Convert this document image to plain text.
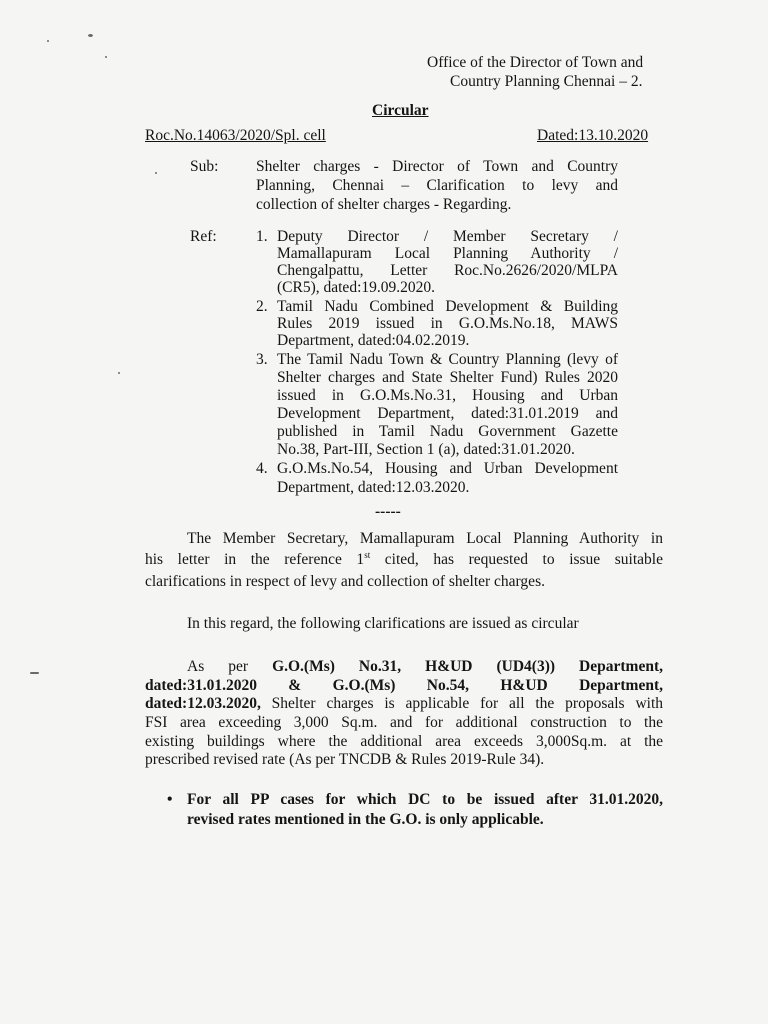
Office of the Director of Town and
Country Planning Chennai – 2.
Circular
Roc.No.14063/2020/Spl. cell	Dated:13.10.2020
Sub: Shelter charges - Director of Town and Country
Planning, Chennai – Clarification to levy and
collection of shelter charges - Regarding.
Ref:	1. Deputy Director / Member Secretary /
Mamallapuram Local Planning Authority /
Chengalpattu, Letter Roc.No.2626/2020/MLPA
(CR5), dated:19.09.2020.
2. Tamil Nadu Combined Development & Building
Rules 2019 issued in G.O.Ms.No.18, MAWS
Department, dated:04.02.2019.
3. The Tamil Nadu Town & Country Planning (levy of
Shelter charges and State Shelter Fund) Rules 2020
issued in G.O.Ms.No.31, Housing and Urban
Development Department, dated:31.01.2019 and
published in Tamil Nadu Government Gazette
No.38, Part-III, Section 1 (a), dated:31.01.2020.
4. G.O.Ms.No.54, Housing and Urban Development
Department, dated:12.03.2020.
-----
The Member Secretary, Mamallapuram Local Planning Authority in
his letter in the reference 1st cited, has requested to issue suitable
clarifications in respect of levy and collection of shelter charges.
In this regard, the following clarifications are issued as circular
As per G.O.(Ms) No.31, H&UD (UD4(3)) Department,
dated:31.01.2020 & G.O.(Ms) No.54, H&UD Department,
dated:12.03.2020, Shelter charges is applicable for all the proposals with
FSI area exceeding 3,000 Sq.m. and for additional construction to the
existing buildings where the additional area exceeds 3,000Sq.m. at the
prescribed revised rate (As per TNCDB & Rules 2019-Rule 34).
• For all PP cases for which DC to be issued after 31.01.2020,
revised rates mentioned in the G.O. is only applicable.
